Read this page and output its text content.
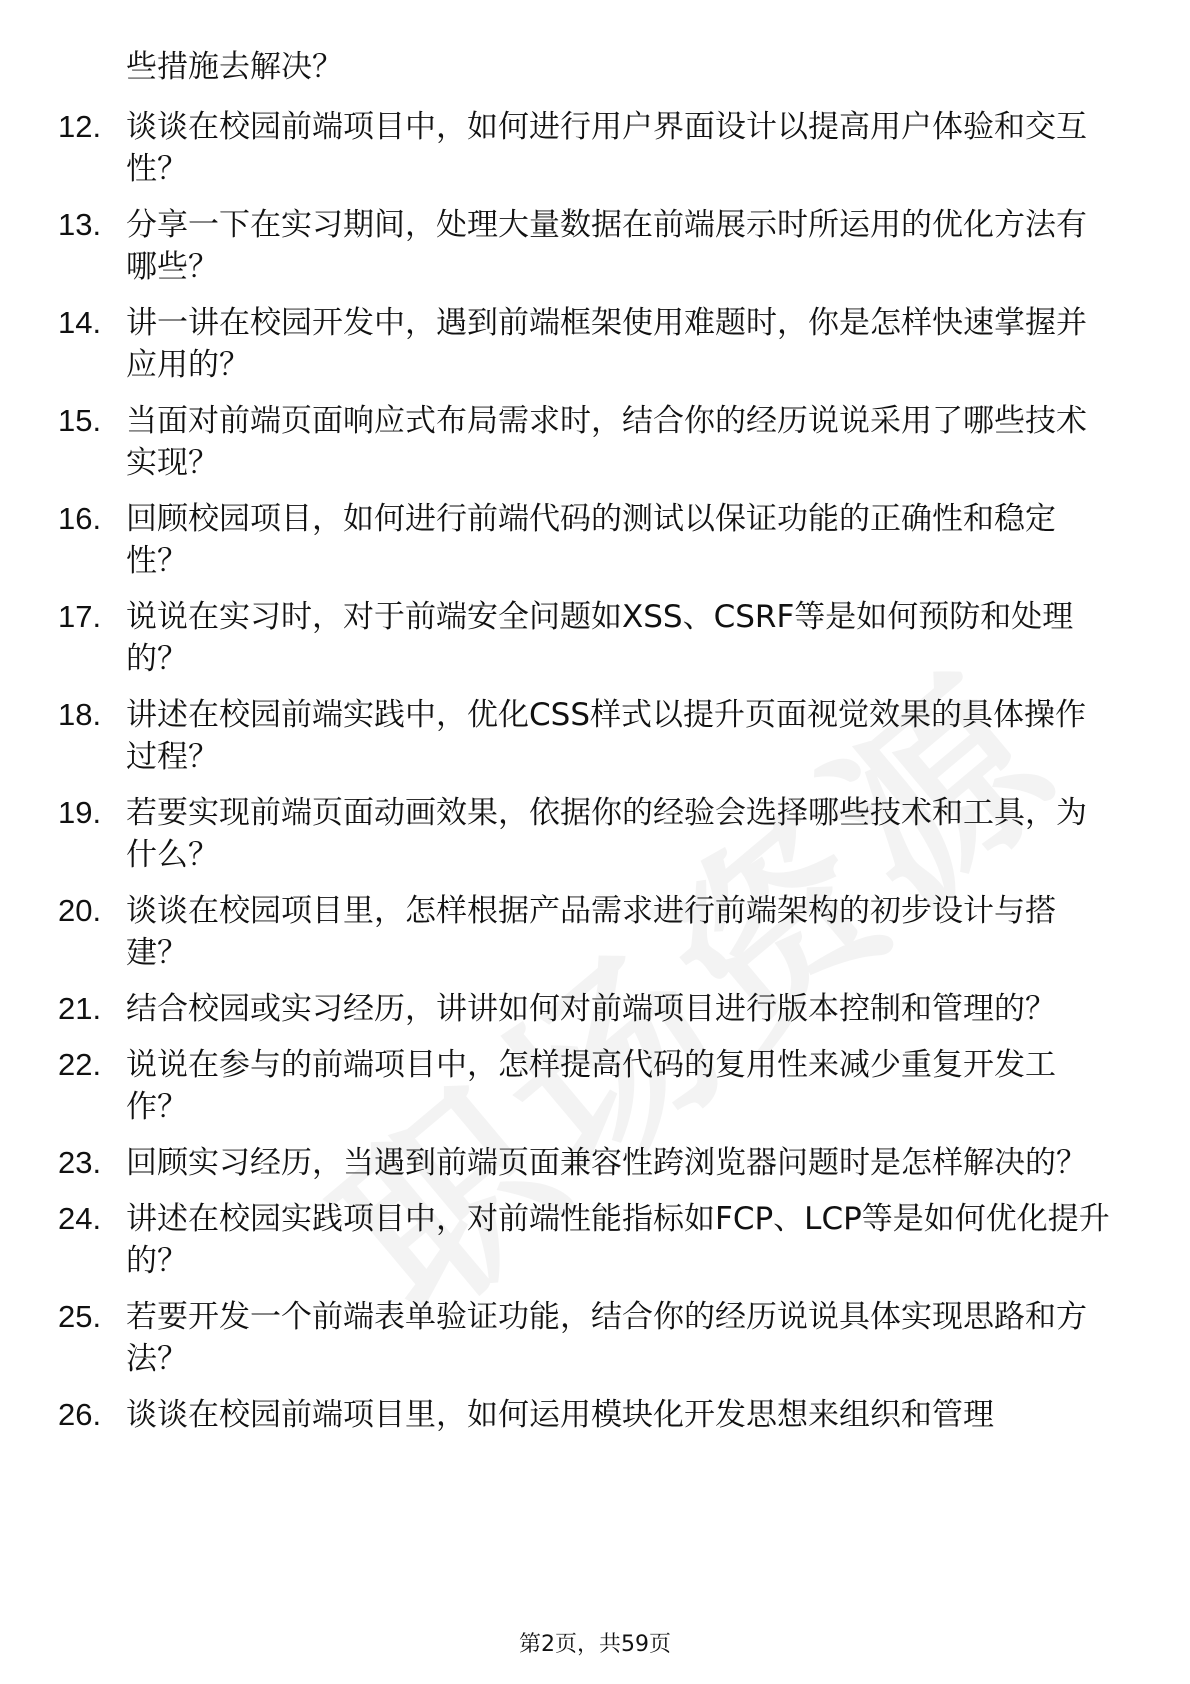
些措施去解决？
12. 谈谈在校园前端项目中，如何进行用户界面设计以提高用户体验和交互性？
13. 分享一下在实习期间，处理大量数据在前端展示时所运用的优化方法有哪些？
14. 讲一讲在校园开发中，遇到前端框架使用难题时，你是怎样快速掌握并应用的？
15. 当面对前端页面响应式布局需求时，结合你的经历说说采用了哪些技术实现？
16. 回顾校园项目，如何进行前端代码的测试以保证功能的正确性和稳定性？
17. 说说在实习时，对于前端安全问题如XSS、CSRF等是如何预防和处理的？
18. 讲述在校园前端实践中，优化CSS样式以提升页面视觉效果的具体操作过程？
19. 若要实现前端页面动画效果，依据你的经验会选择哪些技术和工具，为什么？
20. 谈谈在校园项目里，怎样根据产品需求进行前端架构的初步设计与搭建？
21. 结合校园或实习经历，讲讲如何对前端项目进行版本控制和管理的？
22. 说说在参与的前端项目中，怎样提高代码的复用性来减少重复开发工作？
23. 回顾实习经历，当遇到前端页面兼容性跨浏览器问题时是怎样解决的？
24. 讲述在校园实践项目中，对前端性能指标如FCP、LCP等是如何优化提升的？
25. 若要开发一个前端表单验证功能，结合你的经历说说具体实现思路和方法？
26. 谈谈在校园前端项目里，如何运用模块化开发思想来组织和管理
第2页，共59页
